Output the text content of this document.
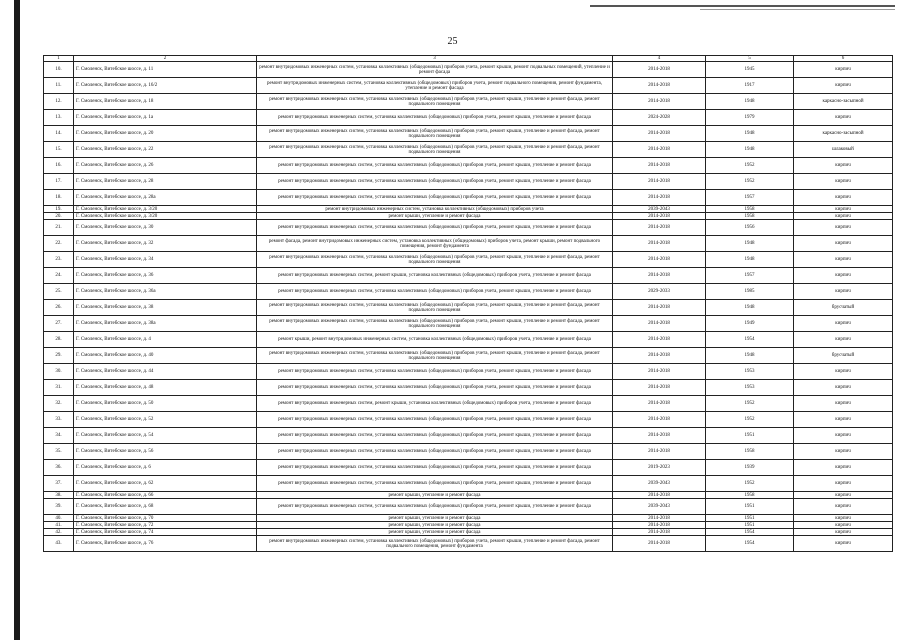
25
1	2	3	4	5	6
10.	Г. Смоленск, Витебское шоссе, д. 11	ремонт внутридомовых инженерных систем, установка коллективных (общедомовых) приборов учета, ремонт крыши, ремонт подвальных помещений, утепление и ремонт фасада	2014-2018	1945	кирпич
11.	Г. Смоленск, Витебское шоссе, д. 16/2	ремонт внутридомовых инженерных систем, установка коллективных (общедомовых) приборов учета, ремонт подвального помещения, ремонт фундамента, утепление и ремонт фасада	2014-2018	1917	кирпич
12.	Г. Смоленск, Витебское шоссе, д. 18	ремонт внутридомовых инженерных систем, установка коллективных (общедомовых) приборов учета, ремонт крыши, утепление и ремонт фасада, ремонт подвального помещения	2014-2018	1948	каркасно-засыпной
13.	Г. Смоленск, Витебское шоссе, д. 1а	ремонт внутридомовых инженерных систем, установка коллективных (общедомовых) приборов учета, ремонт крыши, утепление и ремонт фасада	2024-2028	1979	кирпич
14.	Г. Смоленск, Витебское шоссе, д. 20	ремонт внутридомовых инженерных систем, установка коллективных (общедомовых) приборов учета, ремонт крыши, утепление и ремонт фасада, ремонт подвального помещения	2014-2018	1948	каркасно-засыпной
15.	Г. Смоленск, Витебское шоссе, д. 22	ремонт внутридомовых инженерных систем, установка коллективных (общедомовых) приборов учета, ремонт крыши, утепление и ремонт фасада, ремонт подвального помещения	2014-2018	1948	шлаковый
16.	Г. Смоленск, Витебское шоссе, д. 26	ремонт внутридомовых инженерных систем, установка коллективных (общедомовых) приборов учета, ремонт крыши, утепление и ремонт фасада	2014-2018	1952	кирпич
17.	Г. Смоленск, Витебское шоссе, д. 28	ремонт внутридомовых инженерных систем, установка коллективных (общедомовых) приборов учета, ремонт крыши, утепление и ремонт фасада	2014-2018	1952	кирпич
18.	Г. Смоленск, Витебское шоссе, д. 28а	ремонт внутридомовых инженерных систем, установка коллективных (общедомовых) приборов учета, ремонт крыши, утепление и ремонт фасада	2014-2018	1957	кирпич
19.	Г. Смоленск, Витебское шоссе, д. 3/20	ремонт внутридомовых инженерных систем, установка коллективных (общедомовых) приборов учета	2039-2043	1958	кирпич
20.	Г. Смоленск, Витебское шоссе, д. 3/20	ремонт крыши, утепление и ремонт фасада	2014-2018	1958	кирпич
21.	Г. Смоленск, Витебское шоссе, д. 30	ремонт внутридомовых инженерных систем, установка коллективных (общедомовых) приборов учета, ремонт крыши, утепление и ремонт фасада	2014-2018	1956	кирпич
22.	Г. Смоленск, Витебское шоссе, д. 32	ремонт фасада, ремонт внутридомовых инженерных систем, установка коллективных (общедомовых) приборов учета, ремонт крыши, ремонт подвального помещения, ремонт фундамента	2014-2018	1948	кирпич
23.	Г. Смоленск, Витебское шоссе, д. 34	ремонт внутридомовых инженерных систем, установка коллективных (общедомовых) приборов учета, ремонт крыши, утепление и ремонт фасада, ремонт подвального помещения	2014-2018	1948	кирпич
24.	Г. Смоленск, Витебское шоссе, д. 36	ремонт внутридомовых инженерных систем, ремонт крыши, установка коллективных (общедомовых) приборов учета, утепление и ремонт фасада	2014-2018	1957	кирпич
25.	Г. Смоленск, Витебское шоссе, д. 36а	ремонт внутридомовых инженерных систем, установка коллективных (общедомовых) приборов учета, ремонт крыши, утепление и ремонт фасада	2029-2033	1985	кирпич
26.	Г. Смоленск, Витебское шоссе, д. 38	ремонт внутридомовых инженерных систем, установка коллективных (общедомовых) приборов учета, ремонт крыши, утепление и ремонт фасада, ремонт подвального помещения	2014-2018	1948	брусчатый
27.	Г. Смоленск, Витебское шоссе, д. 38а	ремонт внутридомовых инженерных систем, установка коллективных (общедомовых) приборов учета, ремонт крыши, утепление и ремонт фасада, ремонт подвального помещения	2014-2018	1949	кирпич
28.	Г. Смоленск, Витебское шоссе, д. 4	ремонт крыши, ремонт внутридомовых инженерных систем, установка коллективных (общедомовых) приборов учета, утепление и ремонт фасада	2014-2018	1954	кирпич
29.	Г. Смоленск, Витебское шоссе, д. 40	ремонт внутридомовых инженерных систем, установка коллективных (общедомовых) приборов учета, ремонт крыши, утепление и ремонт фасада, ремонт подвального помещения	2014-2018	1948	брусчатый
30.	Г. Смоленск, Витебское шоссе, д. 44	ремонт внутридомовых инженерных систем, установка коллективных (общедомовых) приборов учета, ремонт крыши, утепление и ремонт фасада	2014-2018	1953	кирпич
31.	Г. Смоленск, Витебское шоссе, д. 48	ремонт внутридомовых инженерных систем, установка коллективных (общедомовых) приборов учета, ремонт крыши, утепление и ремонт фасада	2014-2018	1953	кирпич
32.	Г. Смоленск, Витебское шоссе, д. 50	ремонт внутридомовых инженерных систем, ремонт крыши, установка коллективных (общедомовых) приборов учета, утепление и ремонт фасада	2014-2018	1952	кирпич
33.	Г. Смоленск, Витебское шоссе, д. 52	ремонт внутридомовых инженерных систем, установка коллективных (общедомовых) приборов учета, ремонт крыши, утепление и ремонт фасада	2014-2018	1952	кирпич
34.	Г. Смоленск, Витебское шоссе, д. 54	ремонт внутридомовых инженерных систем, установка коллективных (общедомовых) приборов учета, ремонт крыши, утепление и ремонт фасада	2014-2018	1951	кирпич
35.	Г. Смоленск, Витебское шоссе, д. 56	ремонт внутридомовых инженерных систем, установка коллективных (общедомовых) приборов учета, ремонт крыши, утепление и ремонт фасада	2014-2018	1958	кирпич
36.	Г. Смоленск, Витебское шоссе, д. 6	ремонт внутридомовых инженерных систем, установка коллективных (общедомовых) приборов учета, ремонт крыши, утепление и ремонт фасада	2019-2023	1939	кирпич
37.	Г. Смоленск, Витебское шоссе, д. 62	ремонт внутридомовых инженерных систем, установка коллективных (общедомовых) приборов учета, ремонт крыши, утепление и ремонт фасада	2039-2043	1952	кирпич
38.	Г. Смоленск, Витебское шоссе, д. 66	ремонт крыши, утепление и ремонт фасада	2014-2018	1958	кирпич
39.	Г. Смоленск, Витебское шоссе, д. 68	ремонт внутридомовых инженерных систем, установка коллективных (общедомовых) приборов учета, ремонт крыши, утепление и ремонт фасада	2039-2043	1951	кирпич
40.	Г. Смоленск, Витебское шоссе, д. 70	ремонт крыши, утепление и ремонт фасада	2014-2018	1951	кирпич
41.	Г. Смоленск, Витебское шоссе, д. 72	ремонт крыши, утепление и ремонт фасада	2014-2018	1951	кирпич
42.	Г. Смоленск, Витебское шоссе, д. 74	ремонт крыши, утепление и ремонт фасада	2014-2018	1954	кирпич
43.	Г. Смоленск, Витебское шоссе, д. 76	ремонт внутридомовых инженерных систем, установка коллективных (общедомовых) приборов учета, ремонт крыши, утепление и ремонт фасада, ремонт подвального помещения, ремонт фундамента	2014-2018	1954	кирпич
